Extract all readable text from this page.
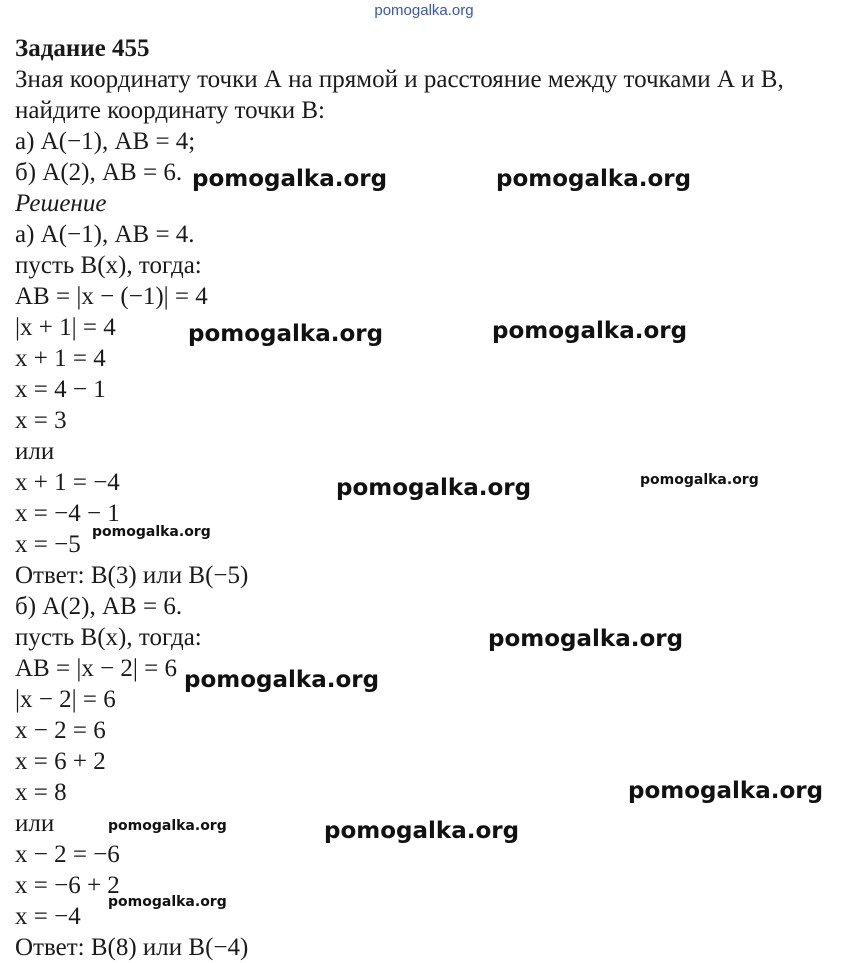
pomogalka.org
Задание 455
Зная координату точки А на прямой и расстояние между точками А и В,
найдите координату точки В:
а) А(−1), АВ = 4;
б) А(2), АВ = 6.
Решение
а) А(−1), АВ = 4.
пусть В(х), тогда:
АВ = |х − (−1)| = 4
|х + 1| = 4
х + 1 = 4
х = 4 − 1
х = 3
или
х + 1 = −4
х = −4 − 1
х = −5
Ответ: В(3) или В(−5)
б) А(2), АВ = 6.
пусть В(х), тогда:
АВ = |х − 2| = 6
|х − 2| = 6
х − 2 = 6
х = 6 + 2
х = 8
или
х − 2 = −6
х = −6 + 2
х = −4
Ответ: В(8) или В(−4)
pomogalka.org	pomogalka.org
pomogalka.org	pomogalka.org
pomogalka.org	pomogalka.org
pomogalka.org
pomogalka.org
pomogalka.org
pomogalka.org
pomogalka.org	pomogalka.org
pomogalka.org
